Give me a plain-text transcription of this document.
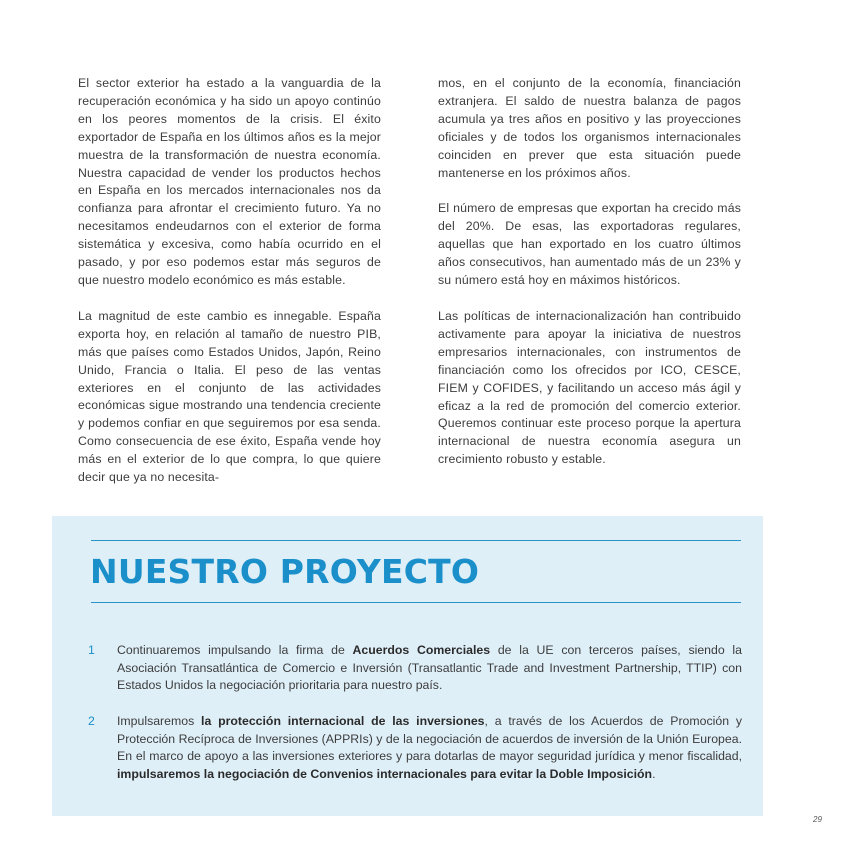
El sector exterior ha estado a la vanguardia de la recuperación económica y ha sido un apoyo continúo en los peores momentos de la crisis. El éxito exportador de España en los últimos años es la mejor muestra de la transformación de nuestra economía. Nuestra capacidad de vender los productos hechos en España en los mercados internacionales nos da confianza para afrontar el crecimiento futuro. Ya no necesitamos endeudarnos con el exterior de forma sistemática y excesiva, como había ocurrido en el pasado, y por eso podemos estar más seguros de que nuestro modelo económico es más estable.

La magnitud de este cambio es innegable. España exporta hoy, en relación al tamaño de nuestro PIB, más que países como Estados Unidos, Japón, Reino Unido, Francia o Italia. El peso de las ventas exteriores en el conjunto de las actividades económicas sigue mostrando una tendencia creciente y podemos confiar en que seguiremos por esa senda. Como consecuencia de ese éxito, España vende hoy más en el exterior de lo que compra, lo que quiere decir que ya no necesita-

mos, en el conjunto de la economía, financiación extranjera. El saldo de nuestra balanza de pagos acumula ya tres años en positivo y las proyecciones oficiales y de todos los organismos internacionales coinciden en prever que esta situación puede mantenerse en los próximos años.

El número de empresas que exportan ha crecido más del 20%. De esas, las exportadoras regulares, aquellas que han exportado en los cuatro últimos años consecutivos, han aumentado más de un 23% y su número está hoy en máximos históricos.

Las políticas de internacionalización han contribuido activamente para apoyar la iniciativa de nuestros empresarios internacionales, con instrumentos de financiación como los ofrecidos por ICO, CESCE, FIEM y COFIDES, y facilitando un acceso más ágil y eficaz a la red de promoción del comercio exterior. Queremos continuar este proceso porque la apertura internacional de nuestra economía asegura un crecimiento robusto y estable.

NUESTRO PROYECTO
1 Continuaremos impulsando la firma de Acuerdos Comerciales de la UE con terceros países, siendo la Asociación Transatlántica de Comercio e Inversión (Transatlantic Trade and Investment Partnership, TTIP) con Estados Unidos la negociación prioritaria para nuestro país.
2 Impulsaremos la protección internacional de las inversiones, a través de los Acuerdos de Promoción y Protección Recíproca de Inversiones (APPRIs) y de la negociación de acuerdos de inversión de la Unión Europea. En el marco de apoyo a las inversiones exteriores y para dotarlas de mayor seguridad jurídica y menor fiscalidad, impulsaremos la negociación de Convenios internacionales para evitar la Doble Imposición.
29
